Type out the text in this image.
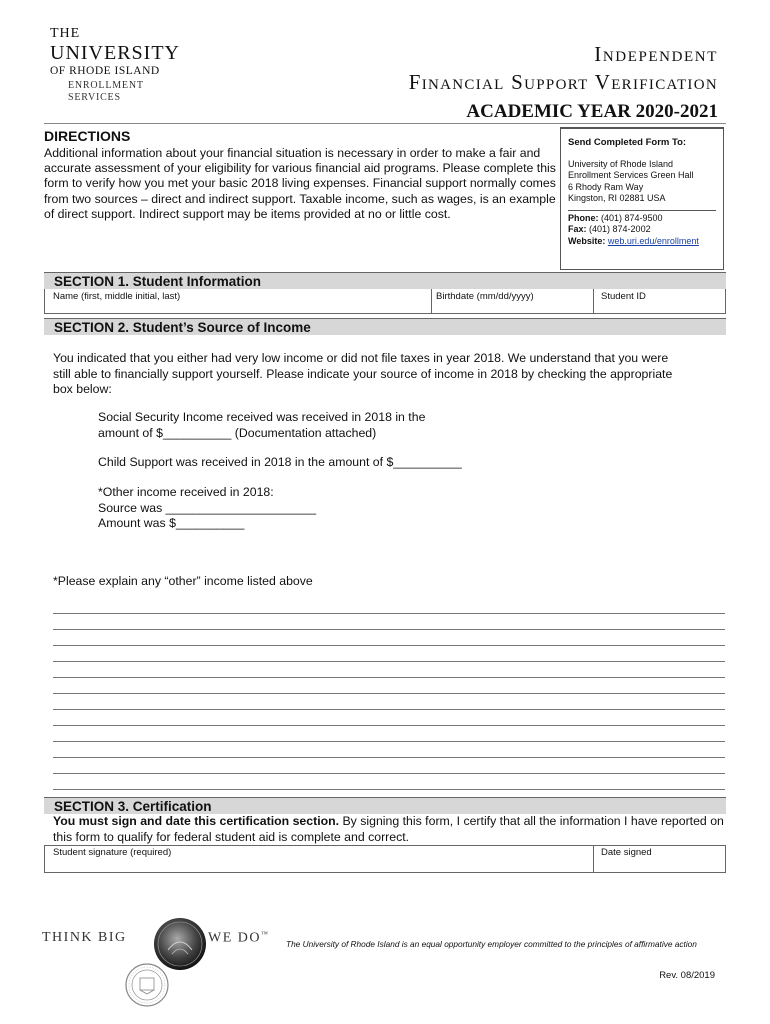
THE
UNIVERSITY
OF RHODE ISLAND
ENROLLMENT
SERVICES
Independent
Financial Support Verification
ACADEMIC YEAR 2020-2021
DIRECTIONS
Additional information about your financial situation is necessary in order to make a fair and accurate assessment of your eligibility for various financial aid programs. Please complete this form to verify how you met your basic 2018 living expenses. Financial support normally comes from two sources – direct and indirect support. Taxable income, such as wages, is an example of direct support. Indirect support may be items provided at no or little cost.
Send Completed Form To:
University of Rhode Island
Enrollment Services Green Hall
6 Rhody Ram Way
Kingston, RI 02881 USA
Phone: (401) 874-9500
Fax: (401) 874-2002
Website: web.uri.edu/enrollment
SECTION 1. Student Information
Name (first, middle initial, last)	Birthdate (mm/dd/yyyy)	Student ID
SECTION 2. Student’s Source of Income
You indicated that you either had very low income or did not file taxes in year 2018. We understand that you were still able to financially support yourself. Please indicate your source of income in 2018 by checking the appropriate box below:
Social Security Income received was received in 2018 in the
amount of $__________ (Documentation attached)
Child Support was received in 2018 in the amount of $__________
*Other income received in 2018:
Source was ______________________
Amount was $__________
*Please explain any “other” income listed above
SECTION 3. Certification
You must sign and date this certification section. By signing this form, I certify that all the information I have reported on this form to qualify for federal student aid is complete and correct.
Student signature (required)	Date signed
THINK BIG	WE DO™
The University of Rhode Island is an equal opportunity employer committed to the principles of affirmative action
Rev. 08/2019
